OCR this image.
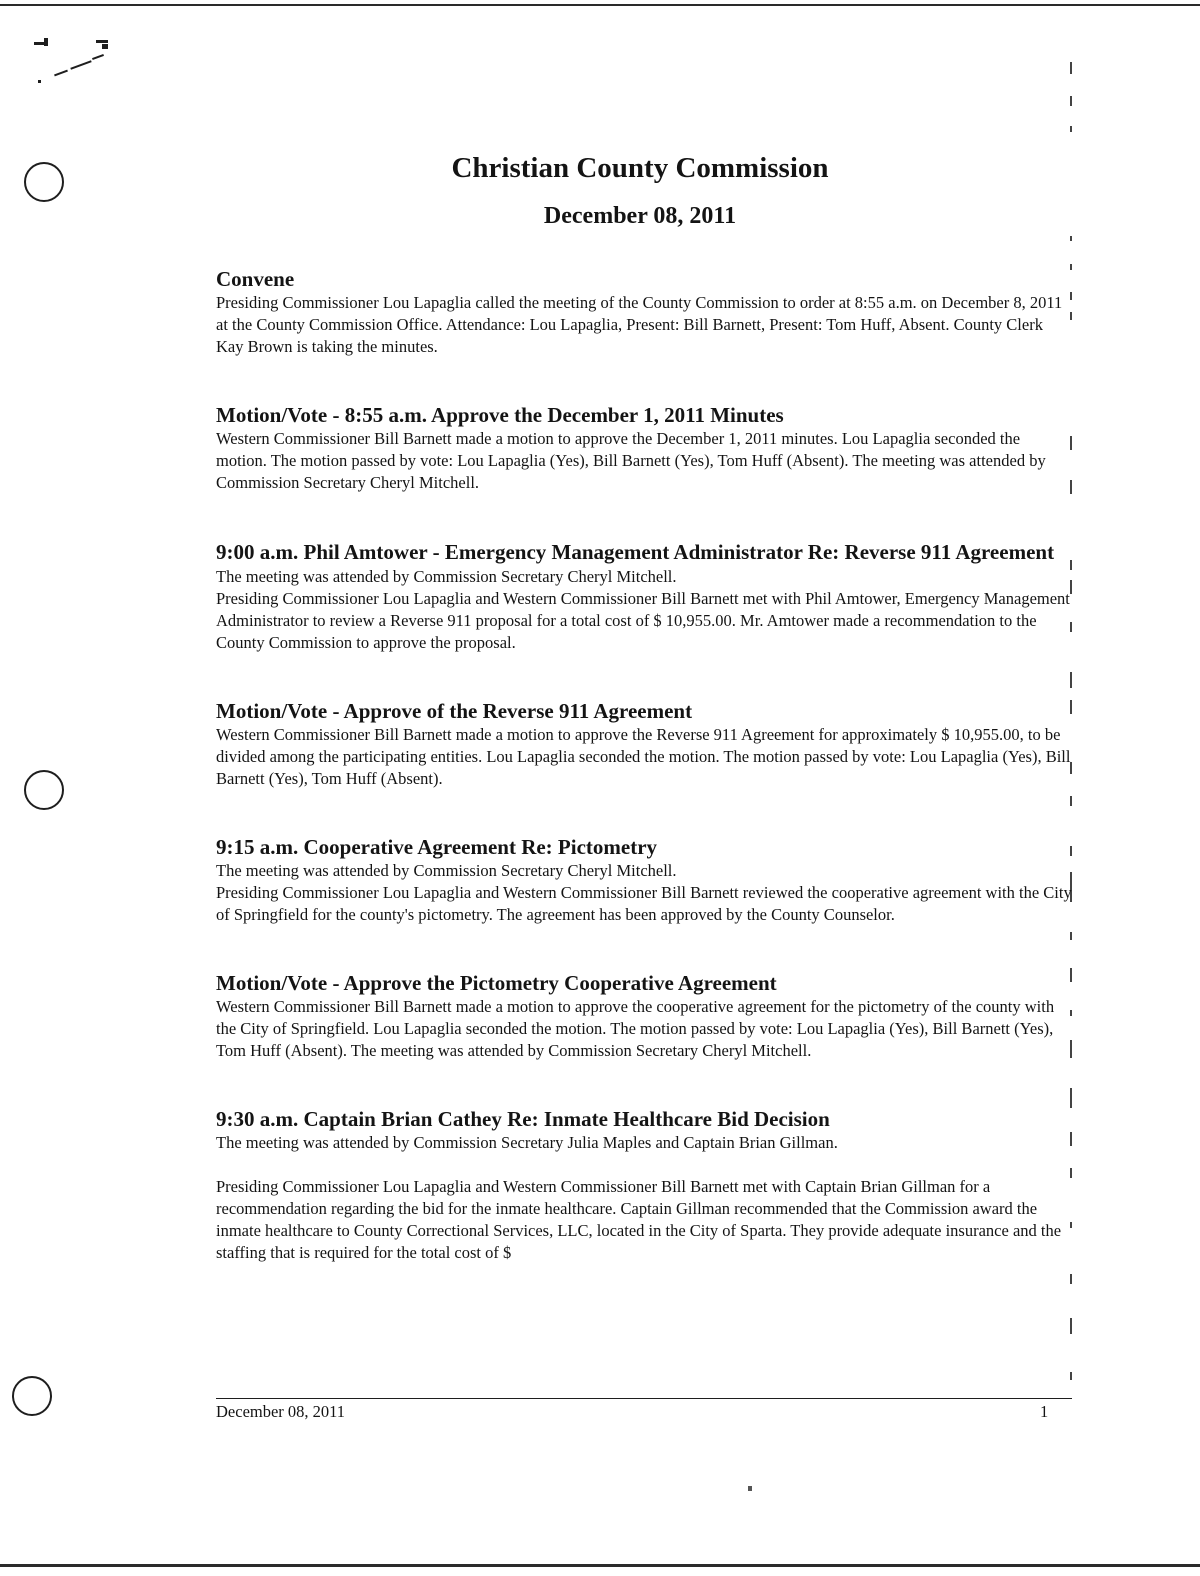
Christian County Commission
December 08, 2011
Convene

Presiding Commissioner Lou Lapaglia called the meeting of the County Commission to order at 8:55 a.m. on December 8, 2011 at the County Commission Office. Attendance: Lou Lapaglia, Present: Bill Barnett, Present: Tom Huff, Absent. County Clerk Kay Brown is taking the minutes.

Motion/Vote - 8:55 a.m. Approve the December 1, 2011 Minutes

Western Commissioner Bill Barnett made a motion to approve the December 1, 2011 minutes. Lou Lapaglia seconded the motion. The motion passed by vote: Lou Lapaglia (Yes), Bill Barnett (Yes), Tom Huff (Absent). The meeting was attended by Commission Secretary Cheryl Mitchell.

9:00 a.m. Phil Amtower - Emergency Management Administrator Re: Reverse 911 Agreement

The meeting was attended by Commission Secretary Cheryl Mitchell.

Presiding Commissioner Lou Lapaglia and Western Commissioner Bill Barnett met with Phil Amtower, Emergency Management Administrator to review a Reverse 911 proposal for a total cost of $ 10,955.00. Mr. Amtower made a recommendation to the County Commission to approve the proposal.

Motion/Vote - Approve of the Reverse 911 Agreement

Western Commissioner Bill Barnett made a motion to approve the Reverse 911 Agreement for approximately $ 10,955.00, to be divided among the participating entities. Lou Lapaglia seconded the motion. The motion passed by vote: Lou Lapaglia (Yes), Bill Barnett (Yes), Tom Huff (Absent).

9:15 a.m. Cooperative Agreement Re: Pictometry

The meeting was attended by Commission Secretary Cheryl Mitchell.

Presiding Commissioner Lou Lapaglia and Western Commissioner Bill Barnett reviewed the cooperative agreement with the City of Springfield for the county's pictometry. The agreement has been approved by the County Counselor.

Motion/Vote - Approve the Pictometry Cooperative Agreement

Western Commissioner Bill Barnett made a motion to approve the cooperative agreement for the pictometry of the county with the City of Springfield. Lou Lapaglia seconded the motion. The motion passed by vote: Lou Lapaglia (Yes), Bill Barnett (Yes), Tom Huff (Absent). The meeting was attended by Commission Secretary Cheryl Mitchell.

9:30 a.m. Captain Brian Cathey Re: Inmate Healthcare Bid Decision

The meeting was attended by Commission Secretary Julia Maples and Captain Brian Gillman.

Presiding Commissioner Lou Lapaglia and Western Commissioner Bill Barnett met with Captain Brian Gillman for a recommendation regarding the bid for the inmate healthcare. Captain Gillman recommended that the Commission award the inmate healthcare to County Correctional Services, LLC, located in the City of Sparta. They provide adequate insurance and the staffing that is required for the total cost of $

December 08, 2011	1
